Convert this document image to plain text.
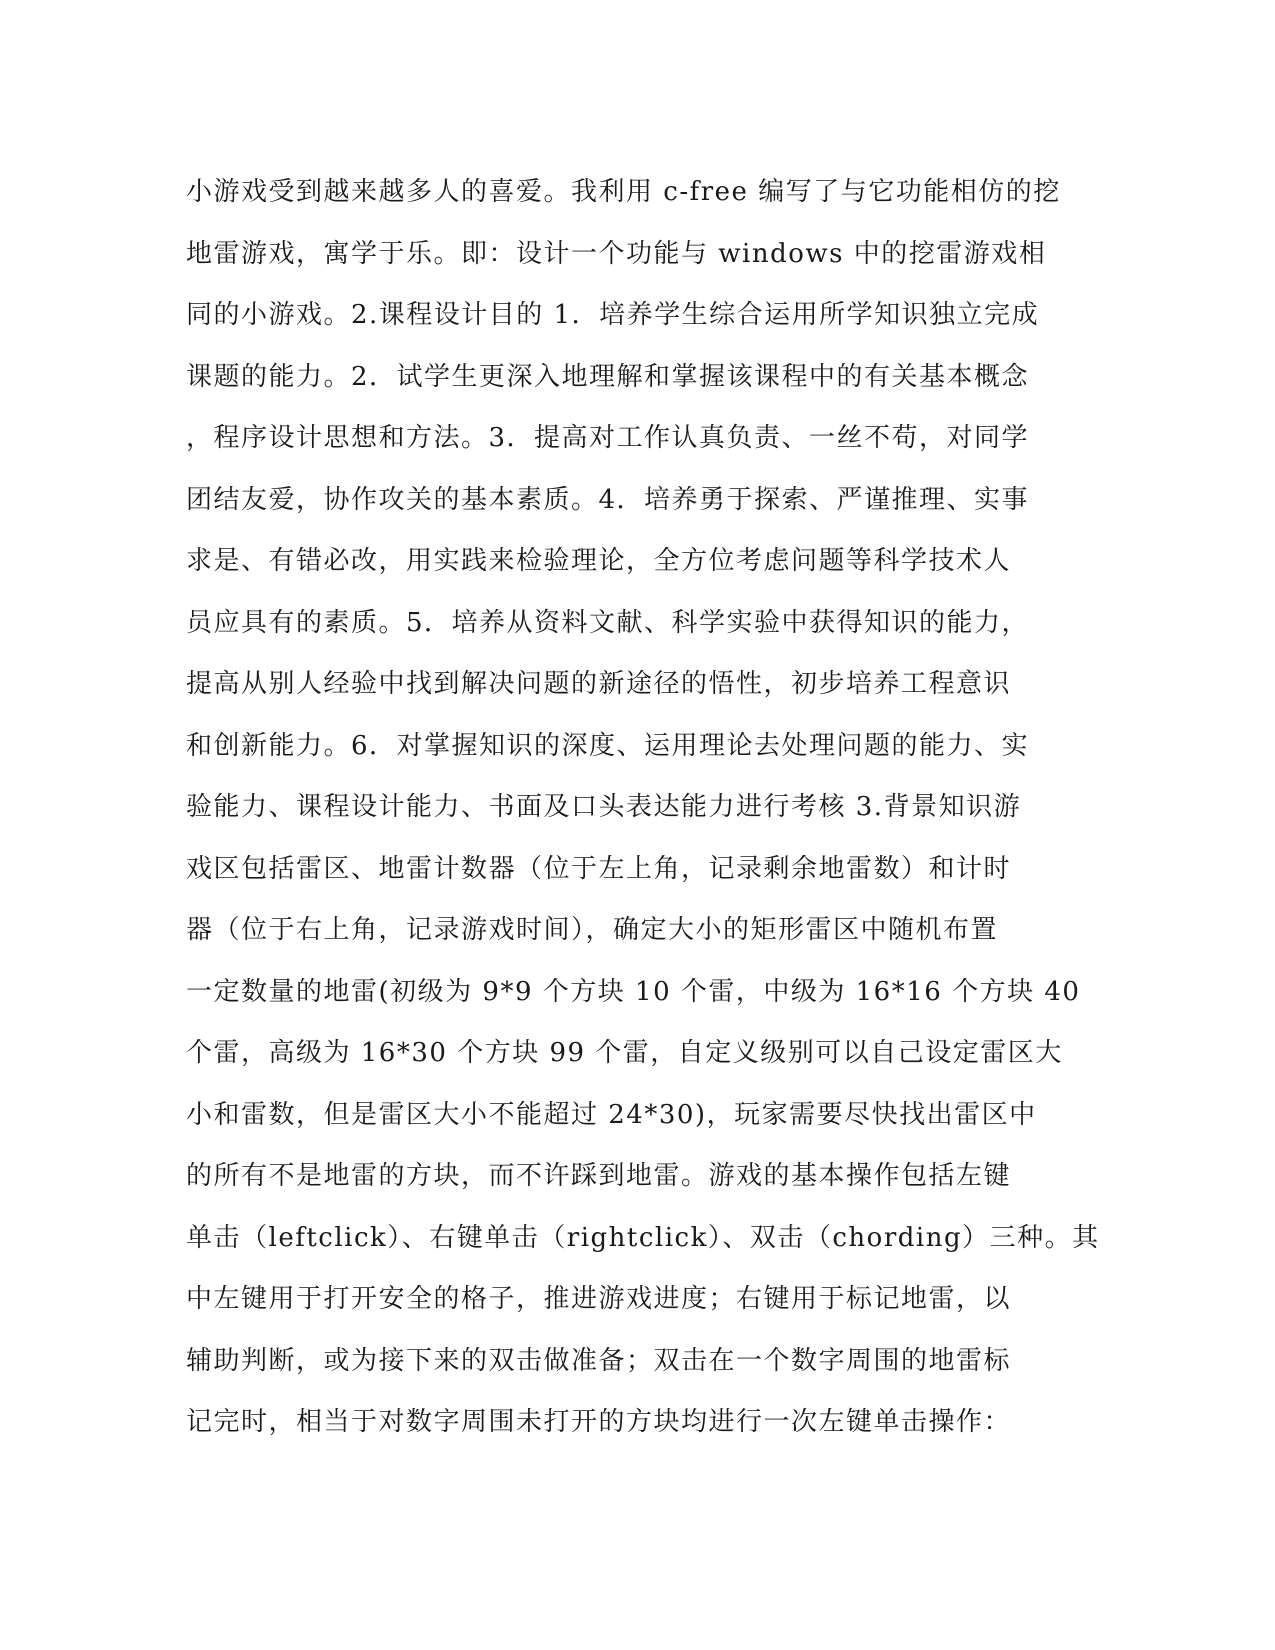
小游戏受到越来越多人的喜爱。我利用 c-free 编写了与它功能相仿的挖
地雷游戏，寓学于乐。即：设计一个功能与 windows 中的挖雷游戏相
同的小游戏。2.课程设计目的 1．培养学生综合运用所学知识独立完成
课题的能力。2．试学生更深入地理解和掌握该课程中的有关基本概念
，程序设计思想和方法。3．提高对工作认真负责、一丝不苟，对同学
团结友爱，协作攻关的基本素质。4．培养勇于探索、严谨推理、实事
求是、有错必改，用实践来检验理论，全方位考虑问题等科学技术人
员应具有的素质。5．培养从资料文献、科学实验中获得知识的能力，
提高从别人经验中找到解决问题的新途径的悟性，初步培养工程意识
和创新能力。6．对掌握知识的深度、运用理论去处理问题的能力、实
验能力、课程设计能力、书面及口头表达能力进行考核 3.背景知识游
戏区包括雷区、地雷计数器（位于左上角，记录剩余地雷数）和计时
器（位于右上角，记录游戏时间），确定大小的矩形雷区中随机布置
一定数量的地雷(初级为 9*9 个方块 10 个雷，中级为 16*16 个方块 40
个雷，高级为 16*30 个方块 99 个雷，自定义级别可以自己设定雷区大
小和雷数，但是雷区大小不能超过 24*30)，玩家需要尽快找出雷区中
的所有不是地雷的方块，而不许踩到地雷。游戏的基本操作包括左键
单击（leftclick）、右键单击（rightclick）、双击（chording）三种。其
中左键用于打开安全的格子，推进游戏进度；右键用于标记地雷，以
辅助判断，或为接下来的双击做准备；双击在一个数字周围的地雷标
记完时，相当于对数字周围未打开的方块均进行一次左键单击操作：
